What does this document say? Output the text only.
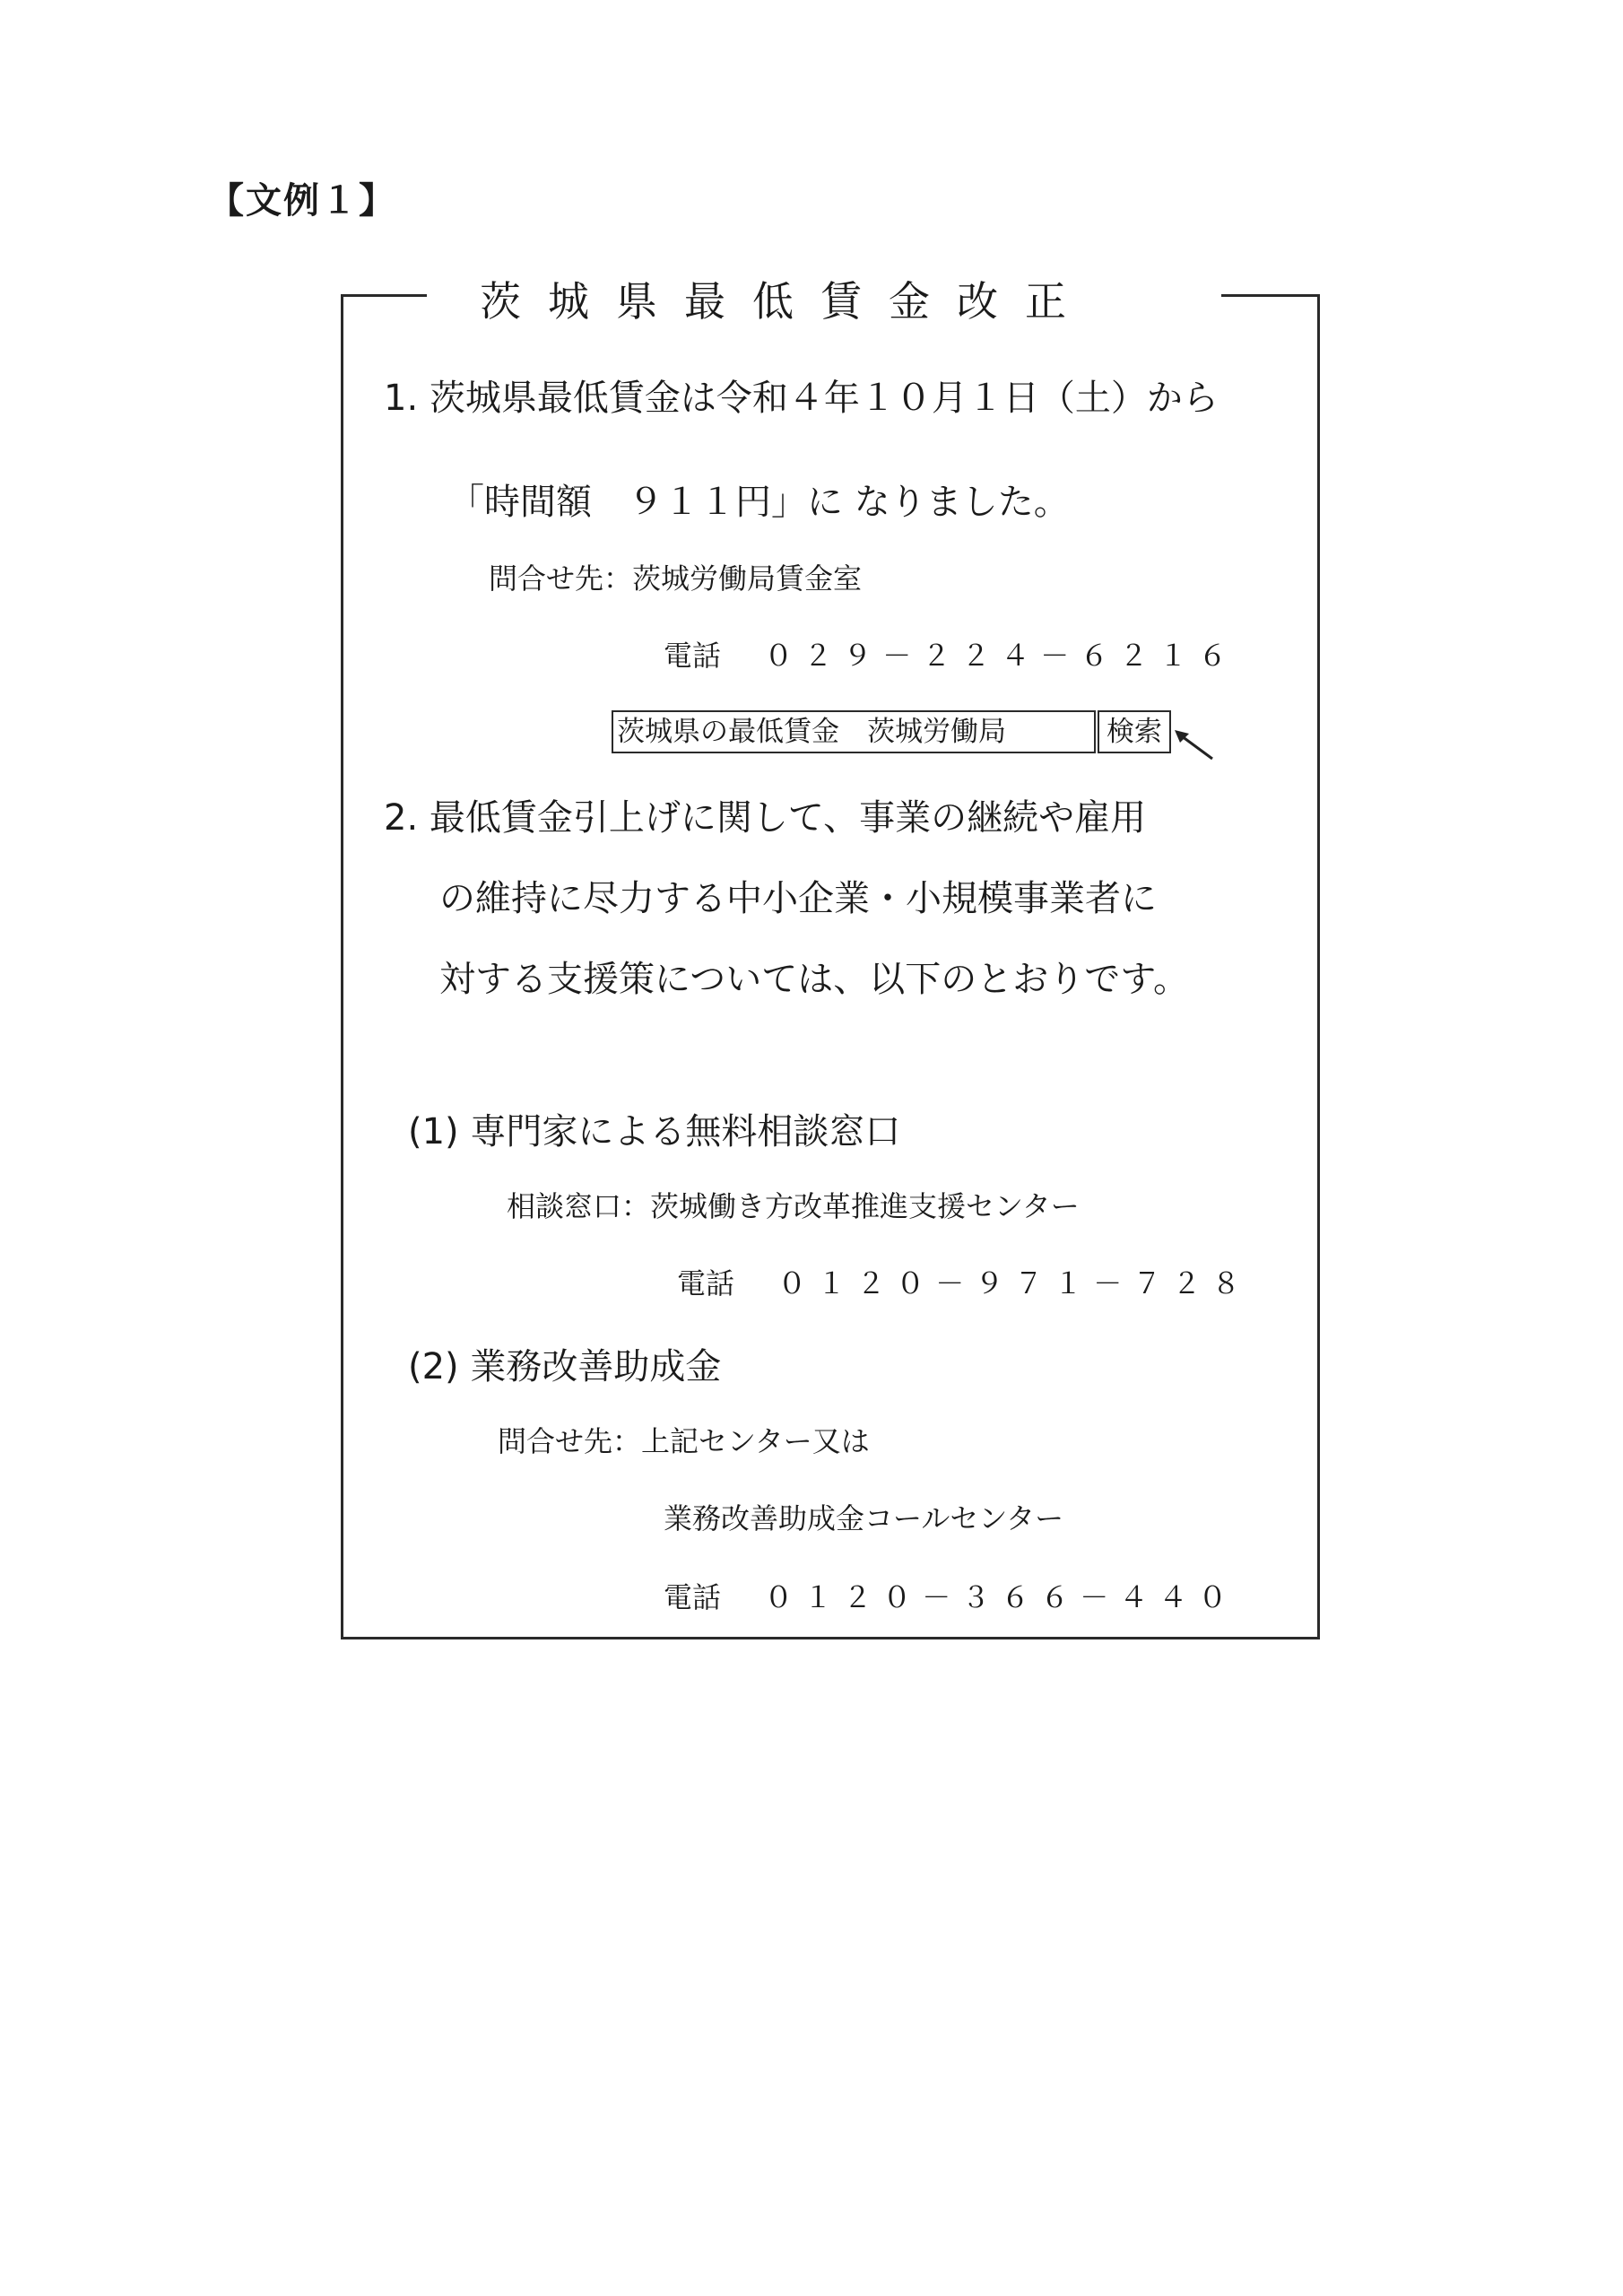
【文例１】
茨城県最低賃金改正
1. 茨城県最低賃金は令和４年１０月１日（土）から
「時間額　９１１円」に なりました。
問合せ先：茨城労働局賃金室
電話 ０２９－２２４－６２１６
茨城県の最低賃金　茨城労働局	検索
2. 最低賃金引上げに関して、事業の継続や雇用
の維持に尽力する中小企業・小規模事業者に
対する支援策については、以下のとおりです。
(1) 専門家による無料相談窓口
相談窓口：茨城働き方改革推進支援センター
電話 ０１２０－９７１－７２８
(2) 業務改善助成金
問合せ先：上記センター又は
業務改善助成金コールセンター
電話 ０１２０－３６６－４４０
